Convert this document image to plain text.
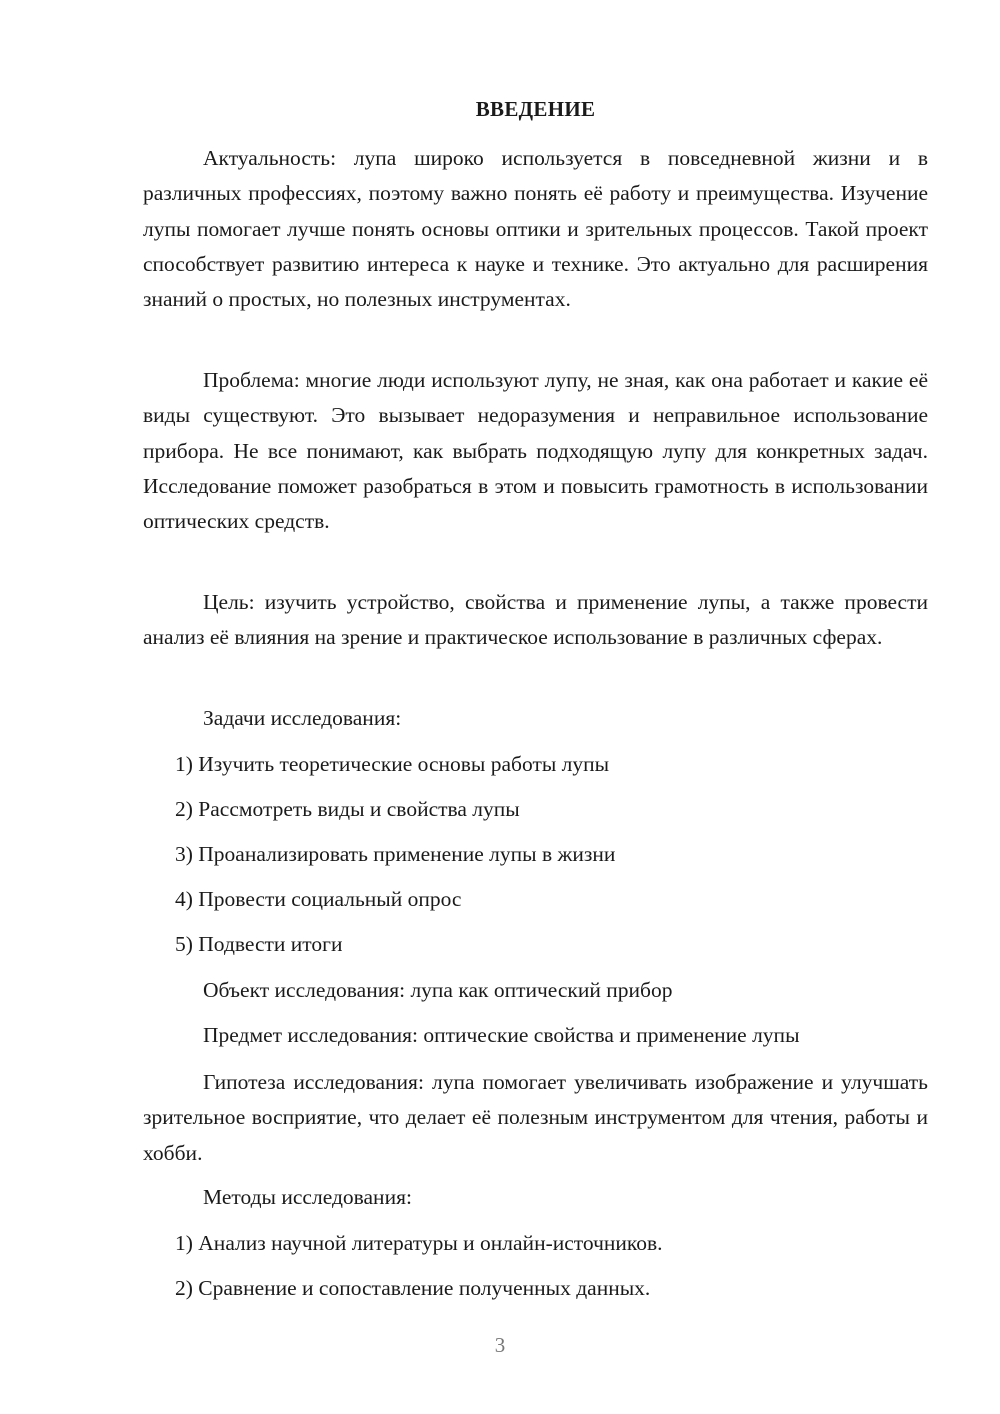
ВВЕДЕНИЕ

Актуальность: лупа широко используется в повседневной жизни и в различных профессиях, поэтому важно понять её работу и преимущества. Изучение лупы помогает лучше понять основы оптики и зрительных процессов. Такой проект способствует развитию интереса к науке и технике. Это актуально для расширения знаний о простых, но полезных инструментах.

Проблема: многие люди используют лупу, не зная, как она работает и какие её виды существуют. Это вызывает недоразумения и неправильное использование прибора. Не все понимают, как выбрать подходящую лупу для конкретных задач. Исследование поможет разобраться в этом и повысить грамотность в использовании оптических средств.

Цель: изучить устройство, свойства и применение лупы, а также провести анализ её влияния на зрение и практическое использование в различных сферах.

Задачи исследования:
1) Изучить теоретические основы работы лупы
2) Рассмотреть виды и свойства лупы
3) Проанализировать применение лупы в жизни
4) Провести социальный опрос
5) Подвести итоги
Объект исследования: лупа как оптический прибор
Предмет исследования: оптические свойства и применение лупы

Гипотеза исследования: лупа помогает увеличивать изображение и улучшать зрительное восприятие, что делает её полезным инструментом для чтения, работы и хобби.

Методы исследования:
1) Анализ научной литературы и онлайн-источников.
2) Сравнение и сопоставление полученных данных.
3
